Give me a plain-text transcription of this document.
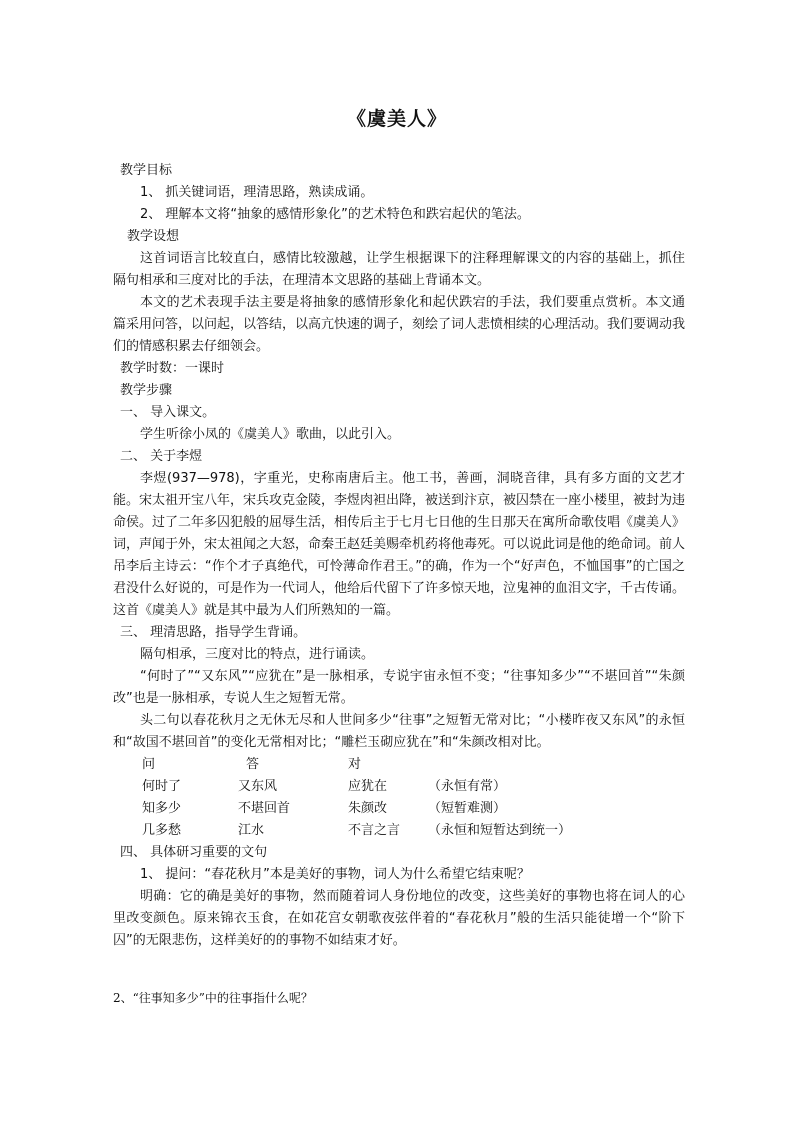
《虞美人》

教学目标

1、 抓关键词语，理清思路，熟读成诵。

2、 理解本文将“抽象的感情形象化”的艺术特色和跌宕起伏的笔法。

教学设想

这首词语言比较直白，感情比较激越，让学生根据课下的注释理解课文的内容的基础上，抓住隔句相承和三度对比的手法，在理清本文思路的基础上背诵本文。

本文的艺术表现手法主要是将抽象的感情形象化和起伏跌宕的手法，我们要重点赏析。本文通篇采用问答，以问起，以答结，以高亢快速的调子，刻绘了词人悲愤相续的心理活动。我们要调动我们的情感积累去仔细领会。

教学时数：一课时

教学步骤

一、 导入课文。

学生听徐小凤的《虞美人》歌曲，以此引入。

二、 关于李煜

李煜(937—978)，字重光，史称南唐后主。他工书，善画，洞晓音律，具有多方面的文艺才能。宋太祖开宝八年，宋兵攻克金陵，李煜肉袒出降，被送到汴京，被囚禁在一座小楼里，被封为违命侯。过了二年多囚犯般的屈辱生活，相传后主于七月七日他的生日那天在寓所命歌伎唱《虞美人》词，声闻于外，宋太祖闻之大怒，命秦王赵廷美赐牵机药将他毒死。可以说此词是他的绝命词。前人吊李后主诗云：“作个才子真绝代，可怜薄命作君王。”的确，作为一个“好声色，不恤国事”的亡国之君没什么好说的，可是作为一代词人，他给后代留下了许多惊天地，泣鬼神的血泪文字，千古传诵。这首《虞美人》就是其中最为人们所熟知的一篇。

三、 理清思路，指导学生背诵。

隔句相承，三度对比的特点，进行诵读。

“何时了”“又东风”“应犹在”是一脉相承，专说宇宙永恒不变；“往事知多少”“不堪回首”“朱颜改”也是一脉相承，专说人生之短暂无常。

头二句以春花秋月之无休无尽和人世间多少“往事”之短暂无常对比；“小楼昨夜又东风”的永恒和“故国不堪回首”的变化无常相对比；“雕栏玉砌应犹在”和“朱颜改相对比。

问	答	对
何时了	又东风	应犹在	（永恒有常）
知多少	不堪回首	朱颜改	（短暂难测）
几多愁	江水	不言之言	（永恒和短暂达到统一）

四、 具体研习重要的文句

1、 提问：“春花秋月”本是美好的事物，词人为什么希望它结束呢？

明确：它的确是美好的事物，然而随着词人身份地位的改变，这些美好的事物也将在词人的心里改变颜色。原来锦衣玉食，在如花宫女朝歌夜弦伴着的“春花秋月”般的生活只能徒增一个“阶下囚”的无限悲伤，这样美好的的事物不如结束才好。

2、“往事知多少”中的往事指什么呢？
